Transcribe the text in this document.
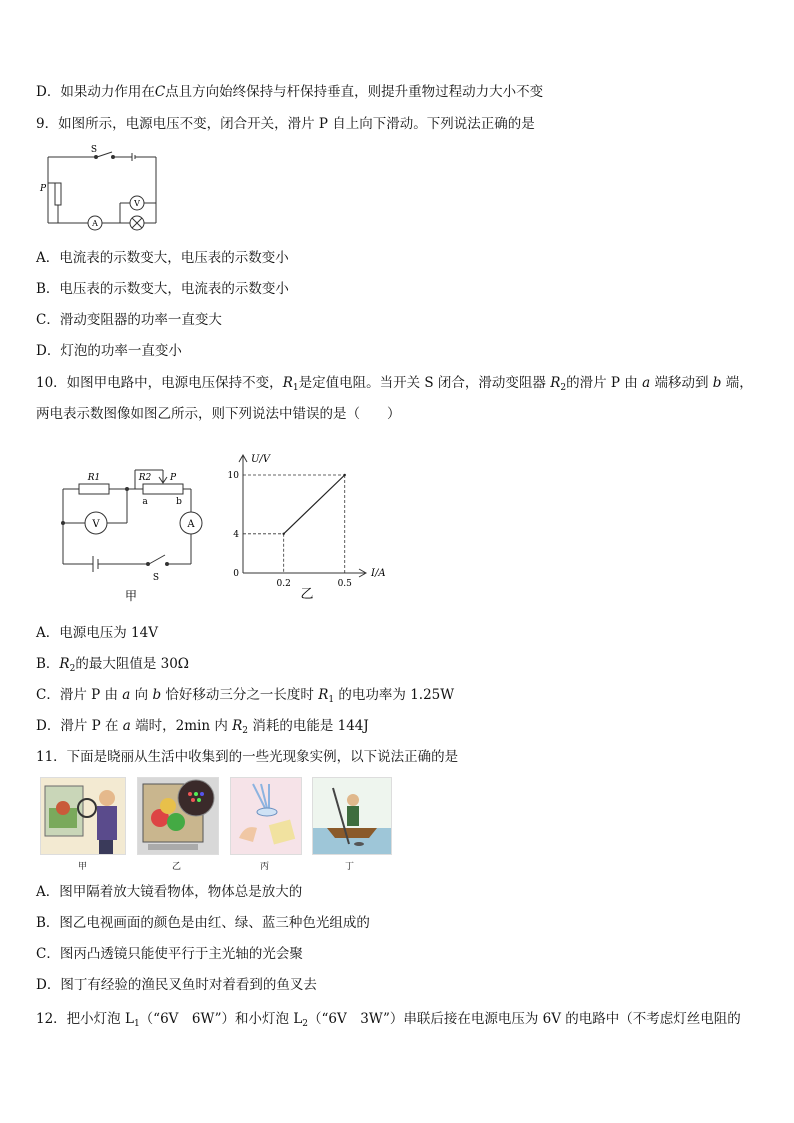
D．如果动力作用在C点且方向始终保持与杆保持垂直，则提升重物过程动力大小不变
9．如图所示，电源电压不变，闭合开关，滑片 P 自上向下滑动。下列说法正确的是
S
P
A
V
A．电流表的示数变大，电压表的示数变小
B．电压表的示数变大，电流表的示数变小
C．滑动变阻器的功率一直变大
D．灯泡的功率一直变小
10．如图甲电路中，电源电压保持不变，$R_1$是定值电阻。当开关 S 闭合，滑动变阻器 $R_2$的滑片 P 由 a 端移动到 b 端，
两电表示数图像如图乙所示，则下列说法中错误的是（　　）
R1	R2 P
a	b
V	A
S
甲
0.2
4
0.5
10
U/V
I/A
0
乙
A．电源电压为 14V
B．$R_2$的最大阻值是 30Ω
C．滑片 P 由 a 向 b 恰好移动三分之一长度时 $R_1$ 的电功率为 1.25W
D．滑片 P 在 a 端时，2min 内 $R_2$ 消耗的电能是 144J
11．下面是晓丽从生活中收集到的一些光现象实例，以下说法正确的是
甲	乙	丙	丁
A．图甲隔着放大镜看物体，物体总是放大的
B．图乙电视画面的颜色是由红、绿、蓝三种色光组成的
C．图丙凸透镜只能使平行于主光轴的光会聚
D．图丁有经验的渔民叉鱼时对着看到的鱼叉去
12．把小灯泡 $L_1(“6V$　6W”）和小灯泡 $L_2(“6V$　3W”）串联后接在电源电压为 6V 的电路中（不考虑灯丝电阻的
